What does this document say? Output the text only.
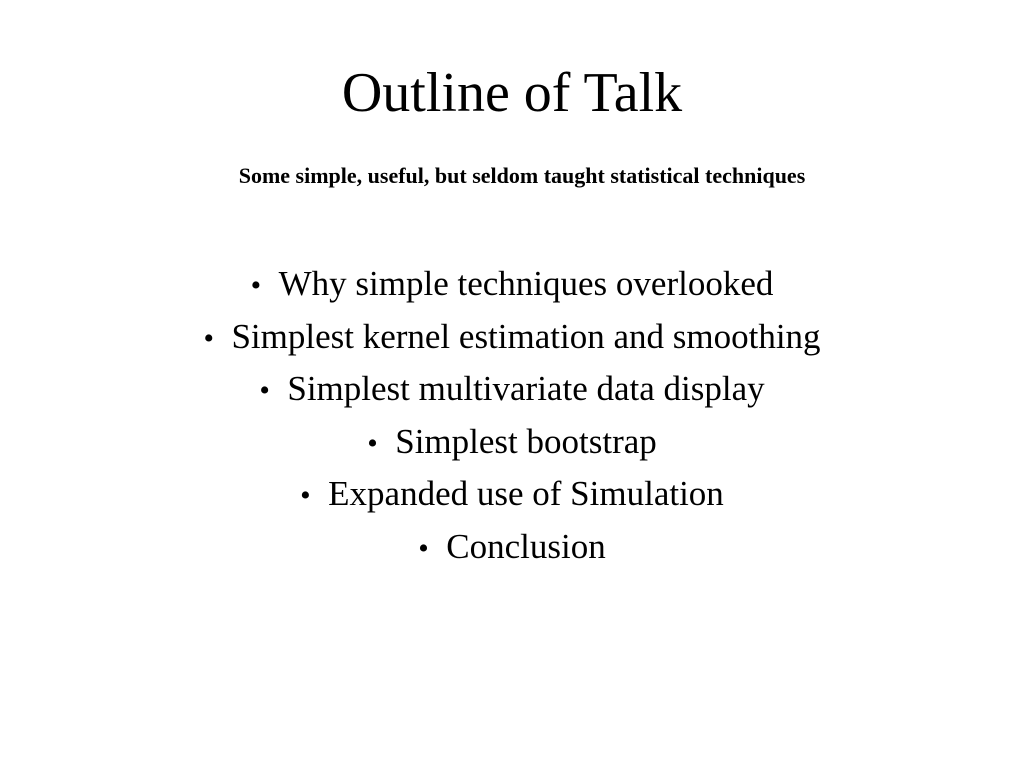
Outline of Talk
Some simple, useful, but seldom taught statistical techniques
• Why simple techniques overlooked
• Simplest kernel estimation and smoothing
• Simplest multivariate data display
• Simplest bootstrap
• Expanded use of Simulation
• Conclusion
